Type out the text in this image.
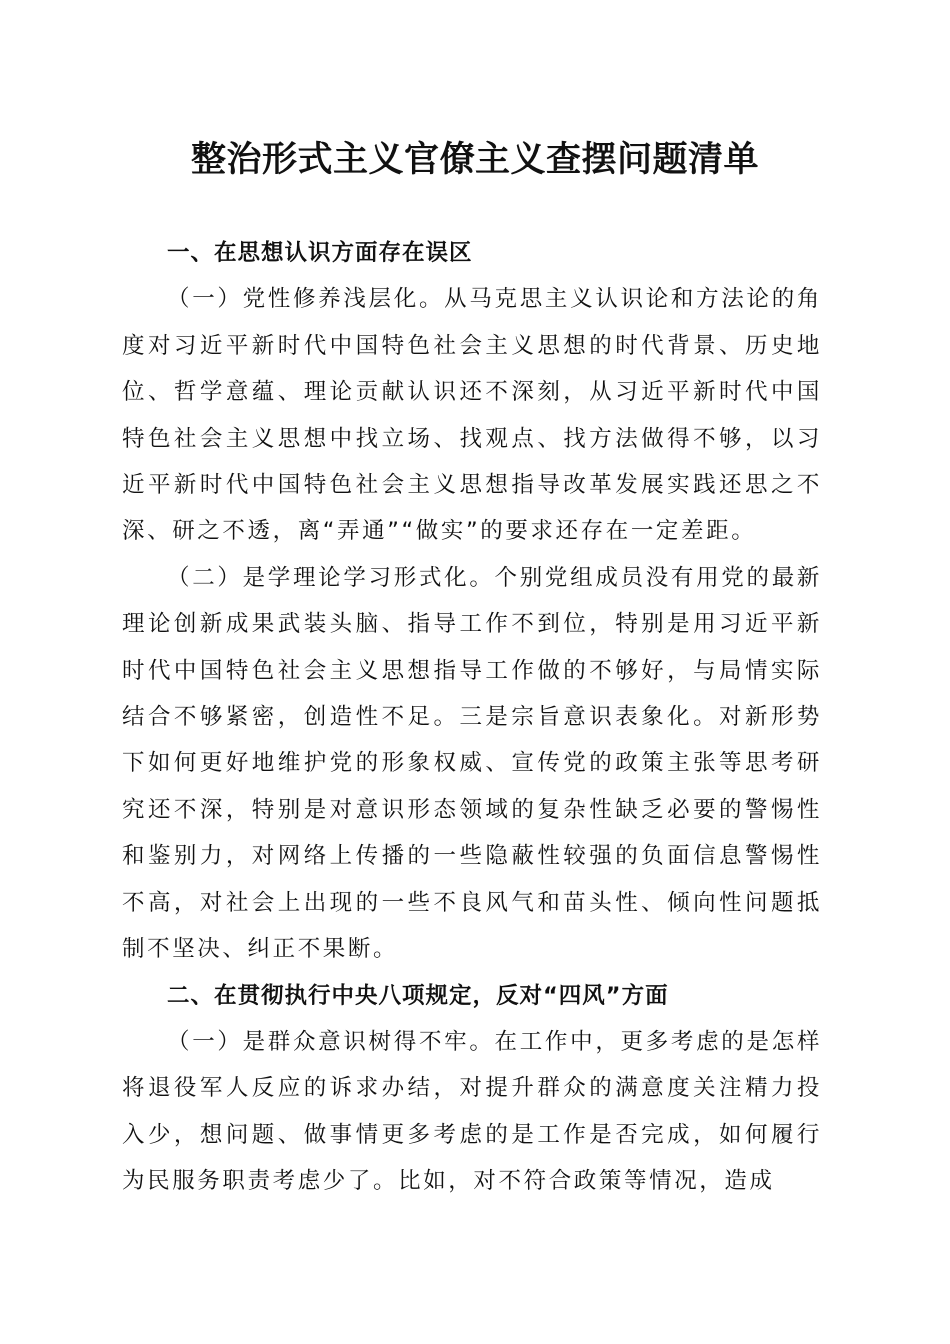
整治形式主义官僚主义查摆问题清单

一、在思想认识方面存在误区

（一）党性修养浅层化。从马克思主义认识论和方法论的角度对习近平新时代中国特色社会主义思想的时代背景、历史地位、哲学意蕴、理论贡献认识还不深刻，从习近平新时代中国特色社会主义思想中找立场、找观点、找方法做得不够，以习近平新时代中国特色社会主义思想指导改革发展实践还思之不深、研之不透，离“弄通”“做实”的要求还存在一定差距。

（二）是学理论学习形式化。个别党组成员没有用党的最新理论创新成果武装头脑、指导工作不到位，特别是用习近平新时代中国特色社会主义思想指导工作做的不够好，与局情实际结合不够紧密，创造性不足。三是宗旨意识表象化。对新形势下如何更好地维护党的形象权威、宣传党的政策主张等思考研究还不深，特别是对意识形态领域的复杂性缺乏必要的警惕性和鉴别力，对网络上传播的一些隐蔽性较强的负面信息警惕性不高，对社会上出现的一些不良风气和苗头性、倾向性问题抵制不坚决、纠正不果断。

二、在贯彻执行中央八项规定，反对“四风”方面

（一）是群众意识树得不牢。在工作中，更多考虑的是怎样将退役军人反应的诉求办结，对提升群众的满意度关注精力投入少，想问题、做事情更多考虑的是工作是否完成，如何履行为民服务职责考虑少了。比如，对不符合政策等情况，造成
